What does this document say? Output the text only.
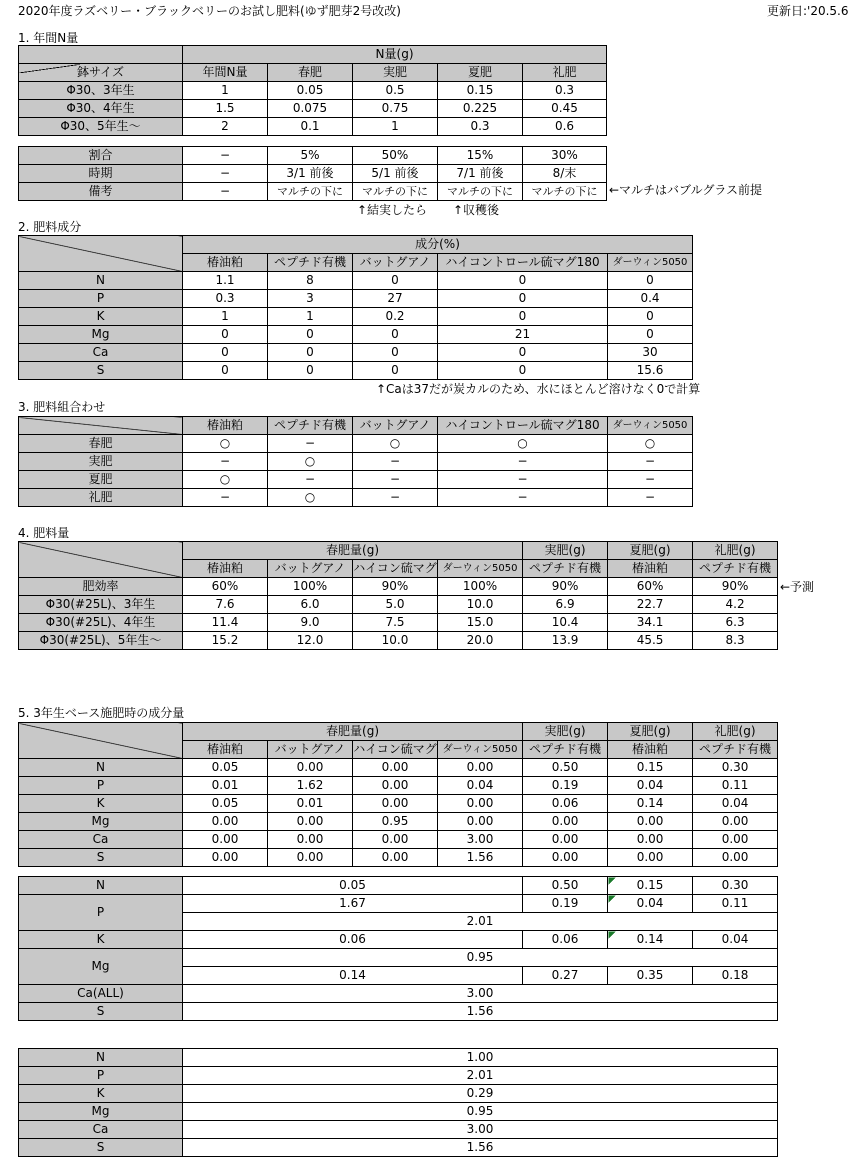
2020年度ラズベリー・ブラックベリーのお試し肥料(ゆず肥芽2号改改)	更新日:'20.5.6
1. 年間N量
	N量(g)				
鉢サイズ	年間N量	春肥	実肥	夏肥	礼肥
Φ30、3年生	1	0.05	0.5	0.15	0.3
Φ30、4年生	1.5	0.075	0.75	0.225	0.45
Φ30、5年生〜	2	0.1	1	0.3	0.6
割合	−	5%	50%	15%	30%
時期	−	3/1 前後	5/1 前後	7/1 前後	8/末
備考	−	マルチの下に	マルチの下に	マルチの下に	マルチの下に ←マルチはバブルグラス前提
↑結実したら ↑収穫後
2. 肥料成分
	成分(%)				
	椿油粕	ペプチド有機	バットグアノ	ハイコントロール硫マグ180	ダーウィン5050
N	1.1	8	0	0	0
P	0.3	3	27	0	0.4
K	1	1	0.2	0	0
Mg	0	0	0	21	0
Ca	0	0	0	0	30
S	0	0	0	0	15.6
↑Caは37だが炭カルのため、水にほとんど溶けなく0で計算
3. 肥料組合わせ
	椿油粕	ペプチド有機	バットグアノ	ハイコントロール硫マグ180	ダーウィン5050
春肥	○	−	○	○	○
実肥	−	○	−	−	−
夏肥	○	−	−	−	−
礼肥	−	○	−	−	−
4. 肥料量
	春肥量(g)				実肥(g)	夏肥(g)	礼肥(g)
	椿油粕	バットグアノ	ハイコン硫マグ	ダーウィン5050	ペプチド有機	椿油粕	ペプチド有機
肥効率	60%	100%	90%	100%	90%	60%	90%
Φ30(#25L)、3年生	7.6	6.0	5.0	10.0	6.9	22.7	4.2
Φ30(#25L)、4年生	11.4	9.0	7.5	15.0	10.4	34.1	6.3
Φ30(#25L)、5年生〜	15.2	12.0	10.0	20.0	13.9	45.5	8.3
←予測
5. 3年生ベース施肥時の成分量
	春肥量(g)				実肥(g)	夏肥(g)	礼肥(g)
	椿油粕	バットグアノ	ハイコン硫マグ	ダーウィン5050	ペプチド有機	椿油粕	ペプチド有機
N	0.05	0.00	0.00	0.00	0.50	0.15	0.30
P	0.01	1.62	0.00	0.04	0.19	0.04	0.11
K	0.05	0.01	0.00	0.00	0.06	0.14	0.04
Mg	0.00	0.00	0.95	0.00	0.00	0.00	0.00
Ca	0.00	0.00	0.00	3.00	0.00	0.00	0.00
S	0.00	0.00	0.00	1.56	0.00	0.00	0.00
N	0.05	0.50	0.15	0.30
P	1.67	0.19	0.04	0.11
	2.01			
K	0.06	0.06	0.14	0.04
Mg	0.95			
	0.14	0.27	0.35	0.18
Ca(ALL)	3.00			
S	1.56			
N	1.00
P	2.01
K	0.29
Mg	0.95
Ca	3.00
S	1.56
